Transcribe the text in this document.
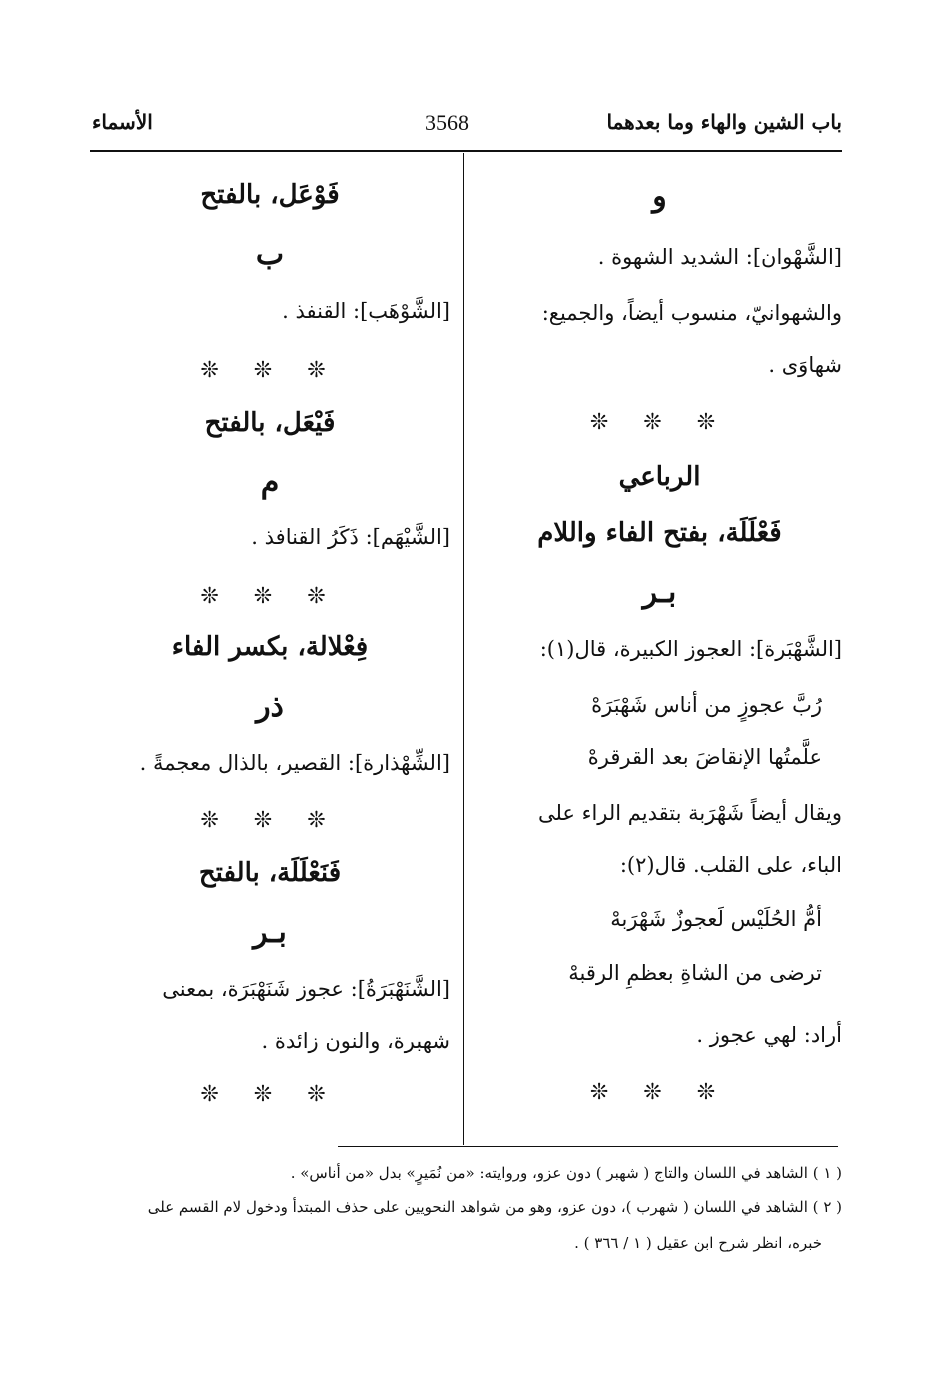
باب الشين والهاء وما بعدهما
3568
الأسماء
و
[الشَّهْوان]: الشديد الشهوة .
والشهوانيّ، منسوب أيضاً، والجميع:
شهاوَى .
❊ ❊ ❊
الرباعي
فَعْلَلَة، بفتح الفاء واللام
بـر
[الشَّهْبَرة]: العجوز الكبيرة، قال(١):
رُبَّ عجوزٍ من أناس شَهْبَرَهْ
علَّمتُها الإنقاضَ بعد القرقرهْ
ويقال أيضاً شَهْرَبة بتقديم الراء على
الباء، على القلب. قال(٢):
أمُّ الحُلَيْس لَعجوزٌ شَهْرَبهْ
ترضى من الشاةِ بعظمِ الرقبهْ
أراد: لهي عجوز .
❊ ❊ ❊
فَوْعَل، بالفتح
ب
[الشَّوْهَب]: القنفذ .
❊ ❊ ❊
فَيْعَل، بالفتح
م
[الشَّيْهَم]: ذَكَرُ القنافذ .
❊ ❊ ❊
فِعْلالة، بكسر الفاء
ذر
[الشِّهْذارة]: القصير، بالذال معجمةً .
❊ ❊ ❊
فَنَعْلَلَة، بالفتح
بـر
[الشَّنَهْبَرَةُ]: عجوز شَنَهْبَرَة، بمعنى
شهبرة، والنون زائدة .
❊ ❊ ❊
( ١ ) الشاهد في اللسان والتاج ( شهبر ) دون عزو، وروايته: «من نُمَيرٍ» بدل «من أناس» .
( ٢ ) الشاهد في اللسان ( شهرب )، دون عزو، وهو من شواهد النحويين على حذف المبتدأ ودخول لام القسم على
خبره، انظر شرح ابن عقيل ( ١ / ٣٦٦ ) .
